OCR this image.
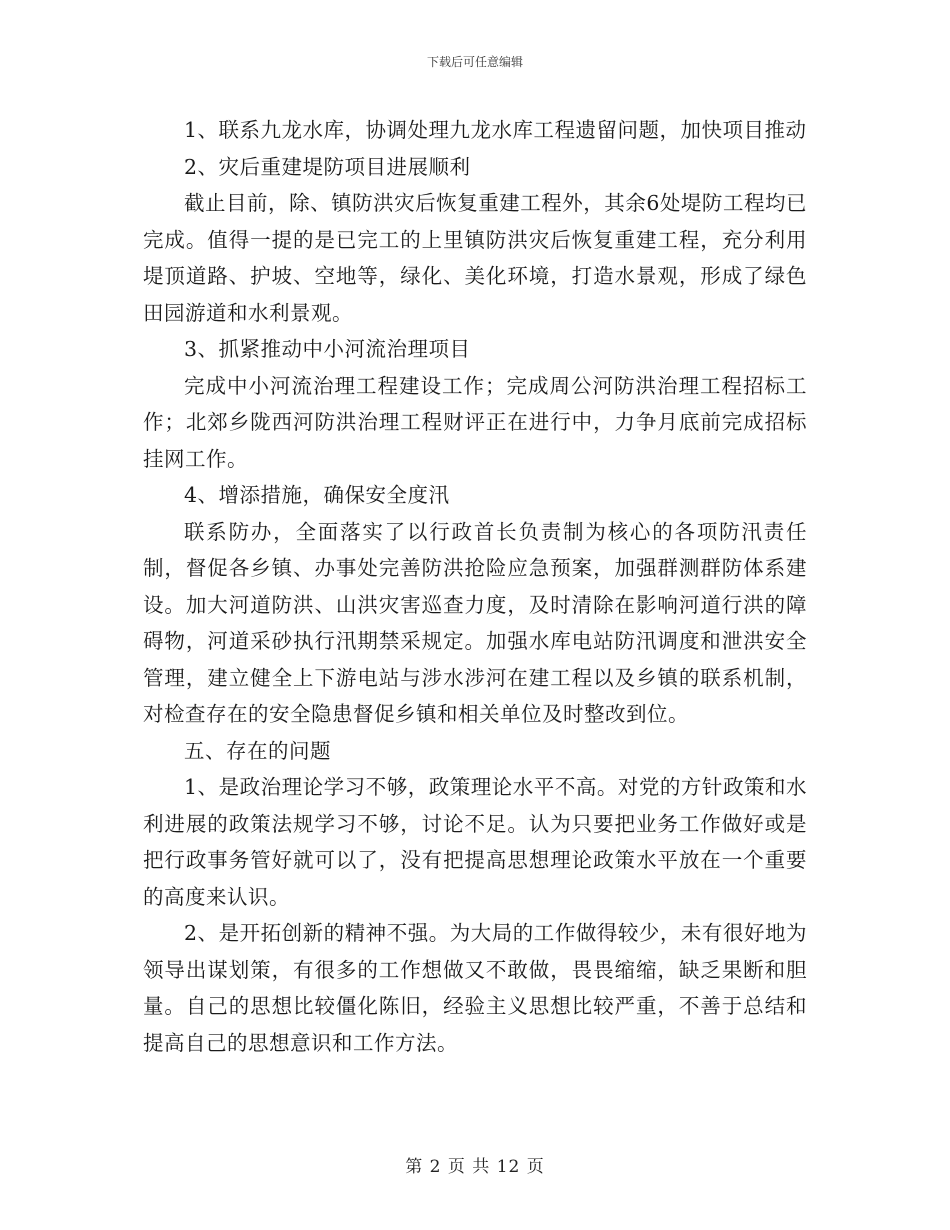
下载后可任意编辑

1、联系九龙水库，协调处理九龙水库工程遗留问题，加快项目推动

2、灾后重建堤防项目进展顺利

截止目前，除、镇防洪灾后恢复重建工程外，其余6处堤防工程均已完成。值得一提的是已完工的上里镇防洪灾后恢复重建工程，充分利用堤顶道路、护坡、空地等，绿化、美化环境，打造水景观，形成了绿色田园游道和水利景观。

3、抓紧推动中小河流治理项目

完成中小河流治理工程建设工作；完成周公河防洪治理工程招标工作；北郊乡陇西河防洪治理工程财评正在进行中，力争月底前完成招标挂网工作。

4、增添措施，确保安全度汛

联系防办，全面落实了以行政首长负责制为核心的各项防汛责任制，督促各乡镇、办事处完善防洪抢险应急预案，加强群测群防体系建设。加大河道防洪、山洪灾害巡查力度，及时清除在影响河道行洪的障碍物，河道采砂执行汛期禁采规定。加强水库电站防汛调度和泄洪安全管理，建立健全上下游电站与涉水涉河在建工程以及乡镇的联系机制，对检查存在的安全隐患督促乡镇和相关单位及时整改到位。

五、存在的问题

1、是政治理论学习不够，政策理论水平不高。对党的方针政策和水利进展的政策法规学习不够，讨论不足。认为只要把业务工作做好或是把行政事务管好就可以了，没有把提高思想理论政策水平放在一个重要的高度来认识。

2、是开拓创新的精神不强。为大局的工作做得较少，未有很好地为领导出谋划策，有很多的工作想做又不敢做，畏畏缩缩，缺乏果断和胆量。自己的思想比较僵化陈旧，经验主义思想比较严重，不善于总结和提高自己的思想意识和工作方法。

第 2 页 共 12 页
